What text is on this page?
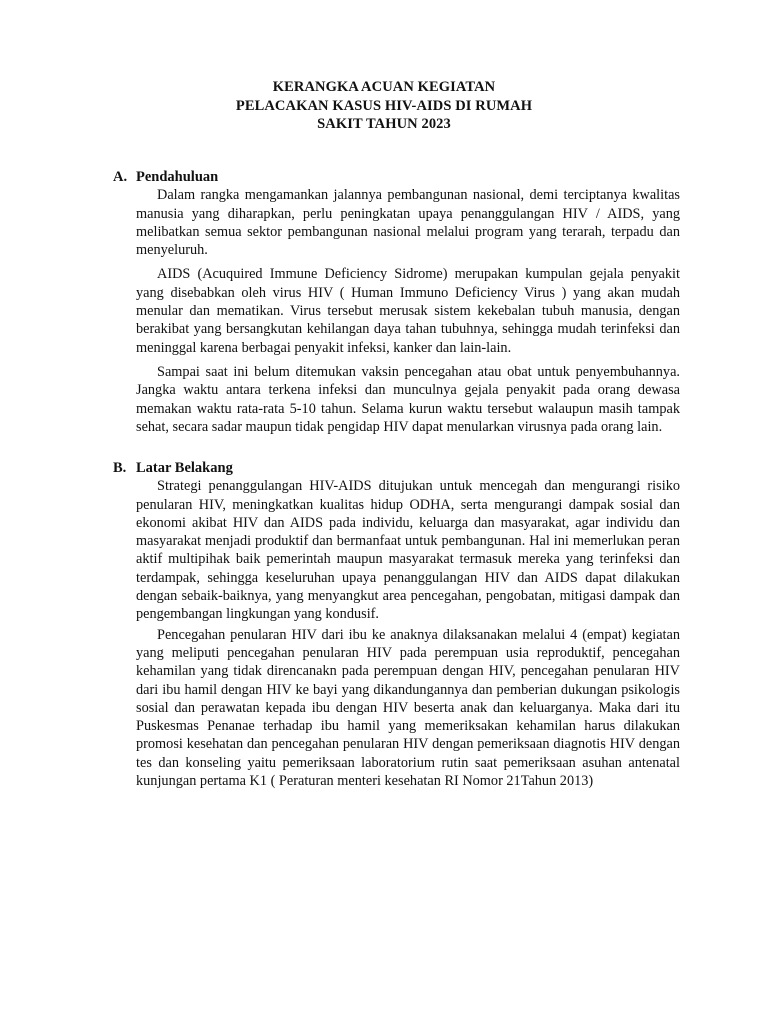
KERANGKA ACUAN KEGIATAN
PELACAKAN KASUS HIV-AIDS DI RUMAH
SAKIT TAHUN 2023
A. Pendahuluan

Dalam rangka mengamankan jalannya pembangunan nasional, demi terciptanya kwalitas manusia yang diharapkan, perlu peningkatan upaya penanggulangan HIV / AIDS, yang melibatkan semua sektor pembangunan nasional melalui program yang terarah, terpadu dan menyeluruh.

AIDS (Acuquired Immune Deficiency Sidrome) merupakan kumpulan gejala penyakit yang disebabkan oleh virus HIV ( Human Immuno Deficiency Virus ) yang akan mudah menular dan mematikan. Virus tersebut merusak sistem kekebalan tubuh manusia, dengan berakibat yang bersangkutan kehilangan daya tahan tubuhnya, sehingga mudah terinfeksi dan meninggal karena berbagai penyakit infeksi, kanker dan lain-lain.

Sampai saat ini belum ditemukan vaksin pencegahan atau obat untuk penyembuhannya. Jangka waktu antara terkena infeksi dan munculnya gejala penyakit pada orang dewasa memakan waktu rata-rata 5-10 tahun. Selama kurun waktu tersebut walaupun masih tampak sehat, secara sadar maupun tidak pengidap HIV dapat menularkan virusnya pada orang lain.

B. Latar Belakang

Strategi penanggulangan HIV-AIDS ditujukan untuk mencegah dan mengurangi risiko penularan HIV, meningkatkan kualitas hidup ODHA, serta mengurangi dampak sosial dan ekonomi akibat HIV dan AIDS pada individu, keluarga dan masyarakat, agar individu dan masyarakat menjadi produktif dan bermanfaat untuk pembangunan. Hal ini memerlukan peran aktif multipihak baik pemerintah maupun masyarakat termasuk mereka yang terinfeksi dan terdampak, sehingga keseluruhan upaya penanggulangan HIV dan AIDS dapat dilakukan dengan sebaik-baiknya, yang menyangkut area pencegahan, pengobatan, mitigasi dampak dan pengembangan lingkungan yang kondusif.

Pencegahan penularan HIV dari ibu ke anaknya dilaksanakan melalui 4 (empat) kegiatan yang meliputi pencegahan penularan HIV pada perempuan usia reproduktif, pencegahan kehamilan yang tidak direncanakn pada perempuan dengan HIV, pencegahan penularan HIV dari ibu hamil dengan HIV ke bayi yang dikandungannya dan pemberian dukungan psikologis sosial dan perawatan kepada ibu dengan HIV beserta anak dan keluarganya. Maka dari itu Puskesmas Penanae terhadap ibu hamil yang memeriksakan kehamilan harus dilakukan promosi kesehatan dan pencegahan penularan HIV dengan pemeriksaan diagnotis HIV dengan tes dan konseling yaitu pemeriksaan laboratorium rutin saat pemeriksaan asuhan antenatal kunjungan pertama K1 ( Peraturan menteri kesehatan RI Nomor 21Tahun 2013)
